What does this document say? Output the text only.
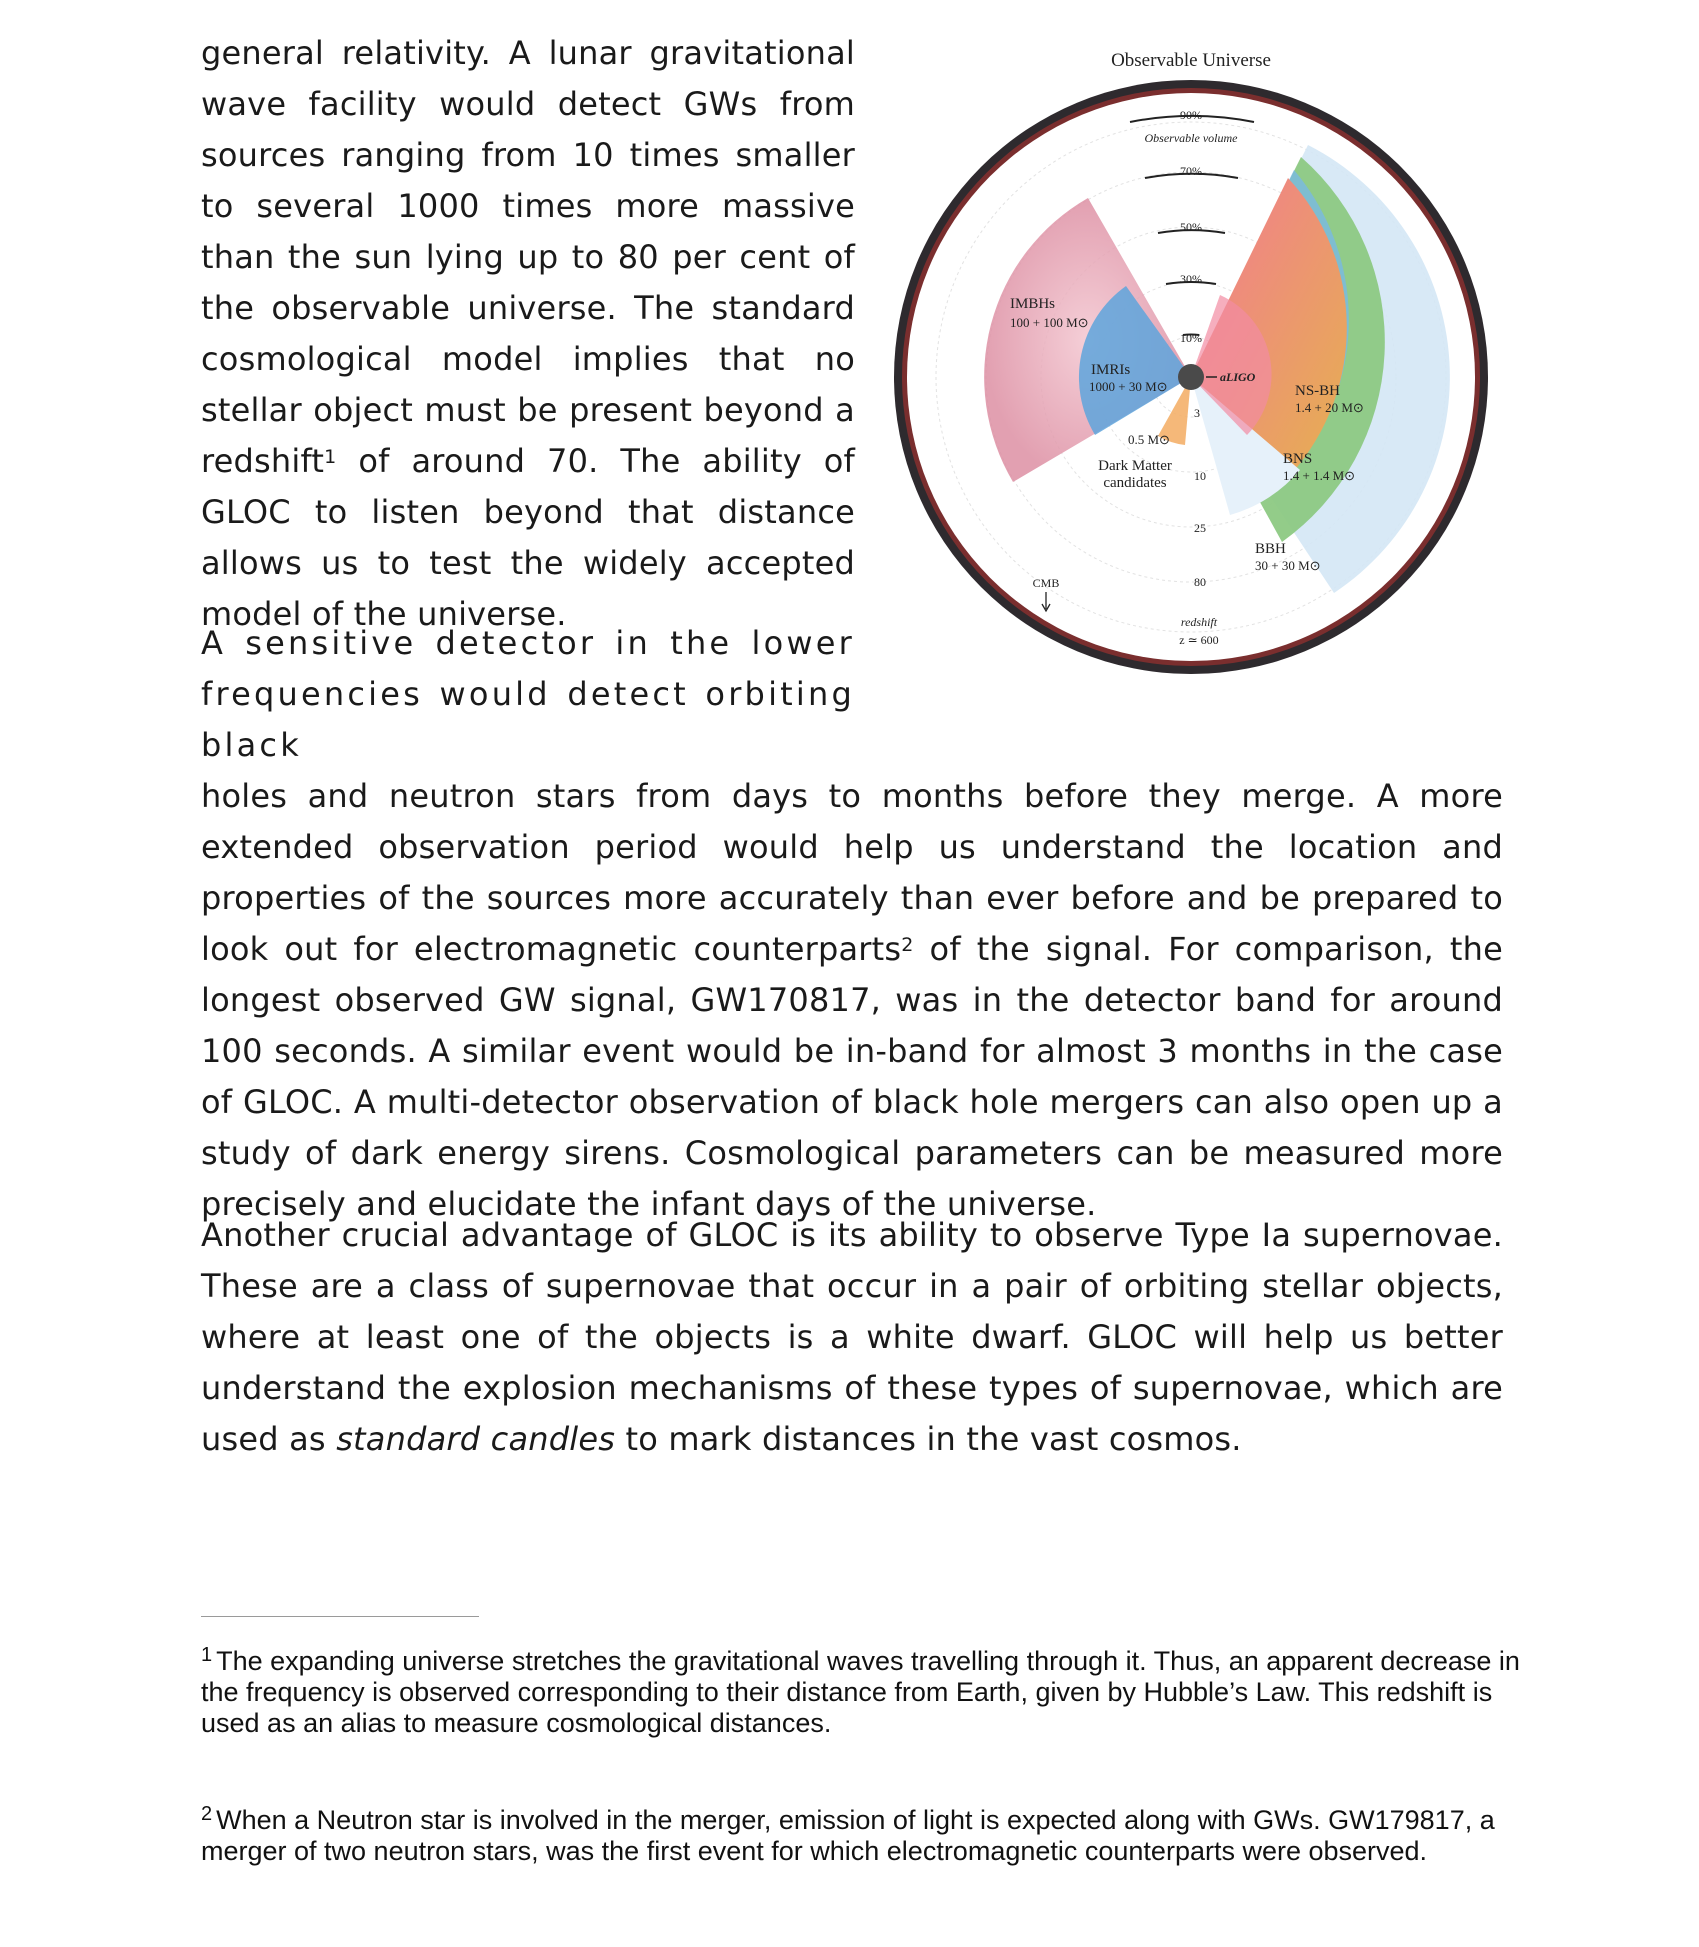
general relativity. A lunar gravitational wave facility would detect GWs from sources ranging from 10 times smaller to several 1000 times more massive than the sun lying up to 80 per cent of the observable universe. The standard cosmological model implies that no stellar object must be present beyond a redshift$^1$ of around 70. The ability of GLOC to listen beyond that distance allows us to test the widely accepted model of the universe.

A sensitive detector in the lower frequencies would detect orbiting black
holes and neutron stars from days to months before they merge. A more extended observation period would help us understand the location and properties of the sources more accurately than ever before and be prepared to look out for electromagnetic counterparts$^2$ of the signal. For comparison, the longest observed GW signal, GW170817, was in the detector band for around 100 seconds. A similar event would be in-band for almost 3 months in the case of GLOC. A multi-detector observation of black hole mergers can also open up a study of dark energy sirens. Cosmological parameters can be measured more precisely and elucidate the infant days of the universe.

Another crucial advantage of GLOC is its ability to observe Type Ia supernovae. These are a class of supernovae that occur in a pair of orbiting stellar objects, where at least one of the objects is a white dwarf. GLOC will help us better understand the explosion mechanisms of these types of supernovae, which are used as standard candles to mark distances in the vast cosmos.

Observable Universe
90%
Observable volume
70%
50%
30%
10%
aLIGO
3
10
25
80
redshift
z ≃ 600
CMB
IMBHs
100 + 100 M⊙
IMRIs
1000 + 30 M⊙
0.5 M⊙
Dark Matter
candidates
NS-BH
1.4 + 20 M⊙
BNS
1.4 + 1.4 M⊙
BBH
30 + 30 M⊙

$^1$ The expanding universe stretches the gravitational waves travelling through it. Thus, an apparent decrease in the frequency is observed corresponding to their distance from Earth, given by Hubble’s Law. This redshift is used as an alias to measure cosmological distances.

$^2$ When a Neutron star is involved in the merger, emission of light is expected along with GWs. GW179817, a merger of two neutron stars, was the first event for which electromagnetic counterparts were observed.
